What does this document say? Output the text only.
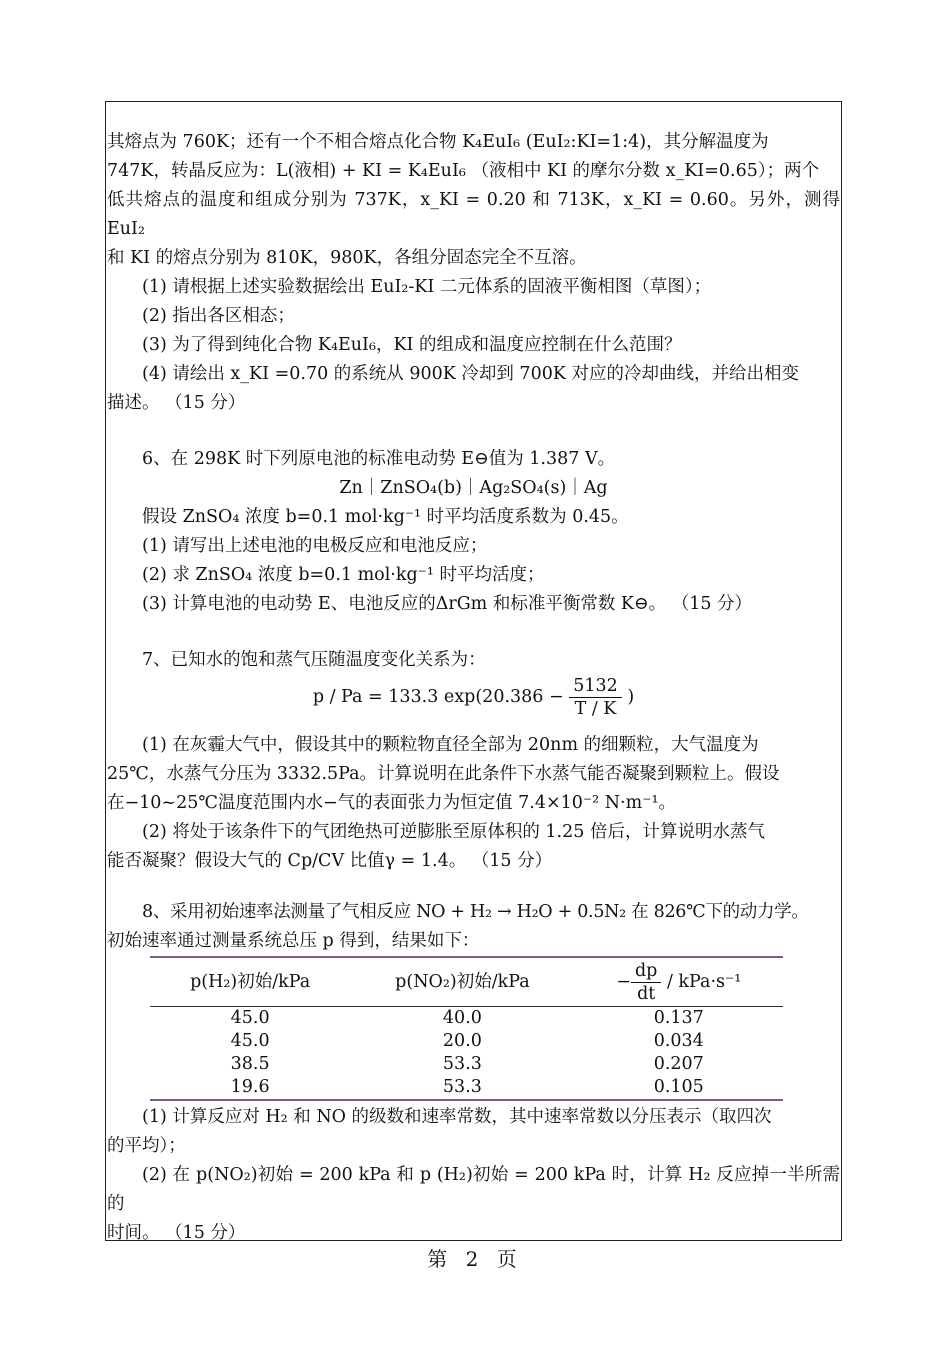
其熔点为 760K；还有一个不相合熔点化合物 K₄EuI₆ (EuI₂:KI=1:4)，其分解温度为

747K，转晶反应为：L(液相) + KI = K₄EuI₆ （液相中 KI 的摩尔分数 x_KI=0.65）；两个

低共熔点的温度和组成分别为 737K，x_KI = 0.20 和 713K，x_KI = 0.60。另外，测得 EuI₂

和 KI 的熔点分别为 810K，980K，各组分固态完全不互溶。

(1) 请根据上述实验数据绘出 EuI₂-KI 二元体系的固液平衡相图（草图）；

(2) 指出各区相态；

(3) 为了得到纯化合物 K₄EuI₆，KI 的组成和温度应控制在什么范围？

(4) 请绘出 x_KI =0.70 的系统从 900K 冷却到 700K 对应的冷却曲线，并给出相变

描述。 （15 分）

6、在 298K 时下列原电池的标准电动势 E⊖值为 1.387 V。

Zn｜ZnSO₄(b)｜Ag₂SO₄(s)｜Ag

假设 ZnSO₄ 浓度 b=0.1 mol·kg⁻¹ 时平均活度系数为 0.45。

(1) 请写出上述电池的电极反应和电池反应；

(2) 求 ZnSO₄ 浓度 b=0.1 mol·kg⁻¹ 时平均活度；

(3) 计算电池的电动势 E、电池反应的ΔrGm 和标准平衡常数 K⊖。 （15 分）

7、已知水的饱和蒸气压随温度变化关系为：

p / Pa = 133.3 $\exp(20.386 - \frac{5132}{T / K}$ )

(1) 在灰霾大气中，假设其中的颗粒物直径全部为 20nm 的细颗粒，大气温度为

25℃，水蒸气分压为 3332.5Pa。计算说明在此条件下水蒸气能否凝聚到颗粒上。假设

在−10~25℃温度范围内水−气的表面张力为恒定值 7.4×10⁻² N·m⁻¹。

(2) 将处于该条件下的气团绝热可逆膨胀至原体积的 1.25 倍后，计算说明水蒸气

能否凝聚？假设大气的 Cp/CV 比值γ = 1.4。 （15 分）

8、采用初始速率法测量了气相反应 NO + H₂ → H₂O + 0.5N₂ 在 826℃下的动力学。

初始速率通过测量系统总压 p 得到，结果如下：

p(H₂)初始/kPa	p(NO₂)初始/kPa	− $\frac{dp}{dt} / kPa\cdot s^{-1}$
45.0	40.0	0.137
45.0	20.0	0.034
38.5	53.3	0.207
19.6	53.3	0.105

(1) 计算反应对 H₂ 和 NO 的级数和速率常数，其中速率常数以分压表示（取四次

的平均）；

(2) 在 p(NO₂)初始 = 200 kPa 和 p (H₂)初始 = 200 kPa 时，计算 H₂ 反应掉一半所需的

时间。 （15 分）

第 2 页
